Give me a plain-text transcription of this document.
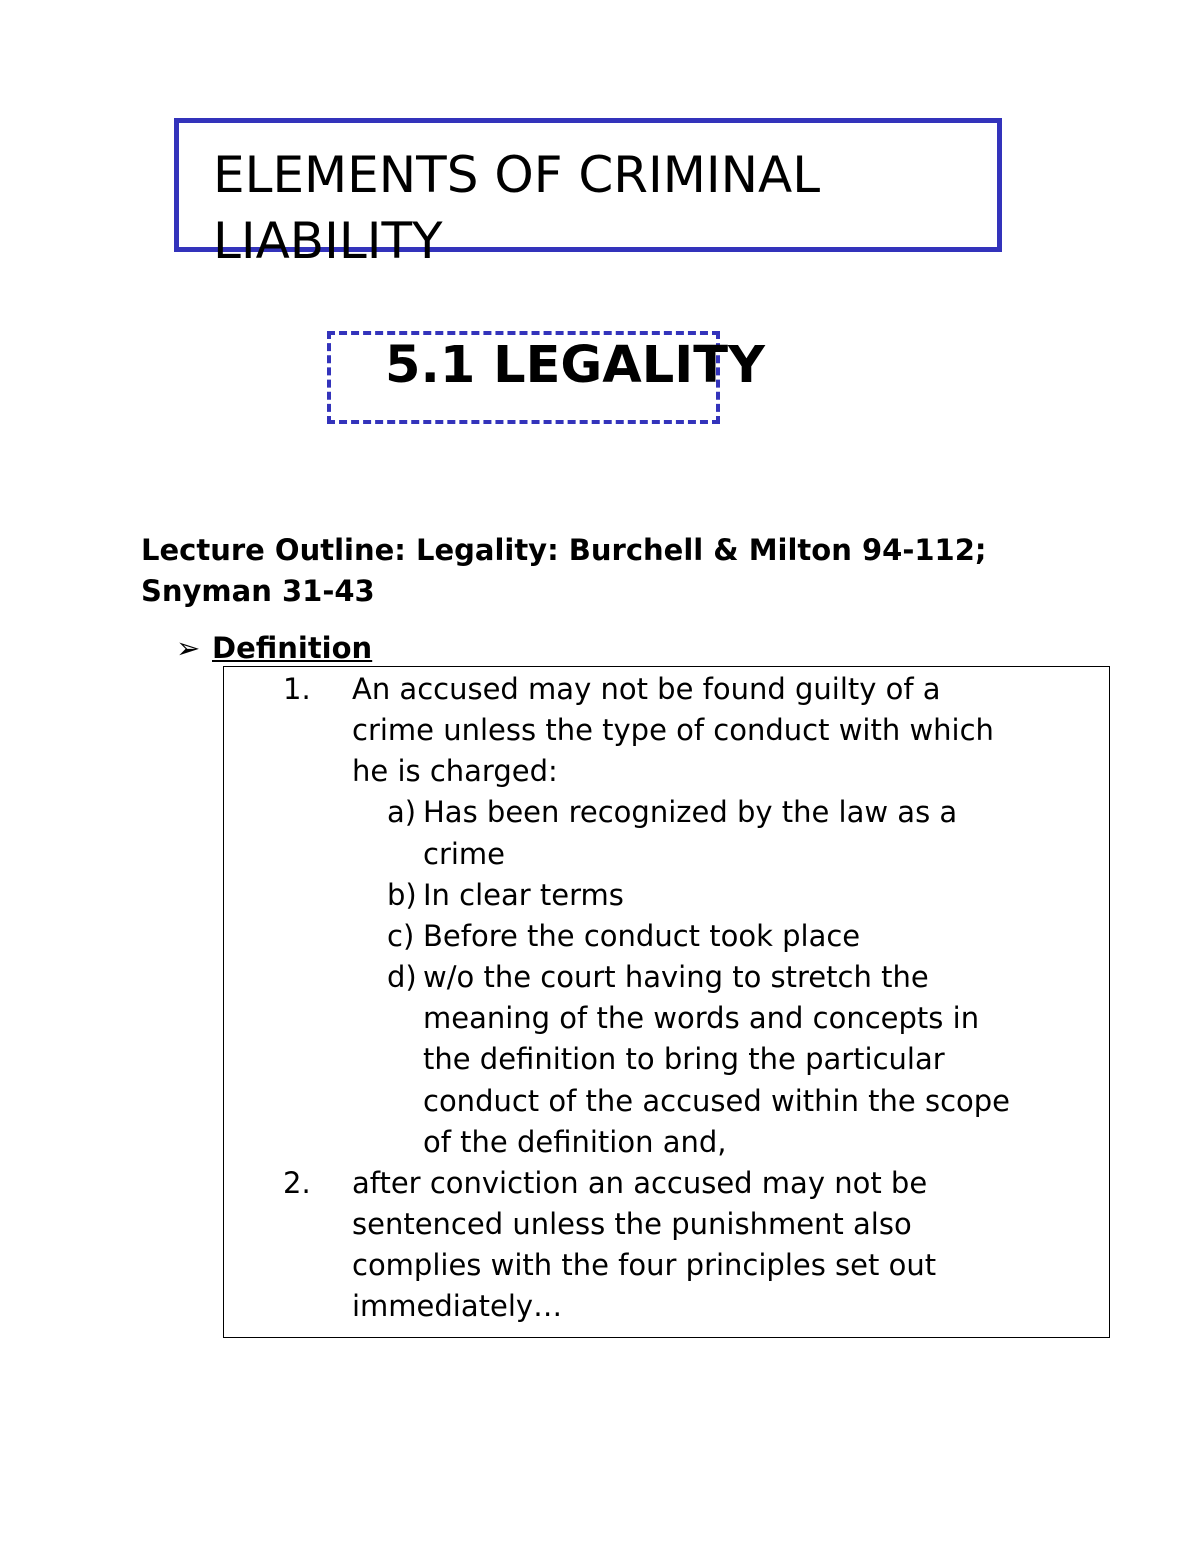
ELEMENTS OF CRIMINAL LIABILITY
5.1 LEGALITY
Lecture Outline: Legality: Burchell & Milton 94-112;
Snyman 31-43
➢ Definition
1. An accused may not be found guilty of a
crime unless the type of conduct with which
he is charged:
a) Has been recognized by the law as a
crime
b) In clear terms
c) Before the conduct took place
d) w/o the court having to stretch the
meaning of the words and concepts in
the definition to bring the particular
conduct of the accused within the scope
of the definition and,
2. after conviction an accused may not be
sentenced unless the punishment also
complies with the four principles set out
immediately…
